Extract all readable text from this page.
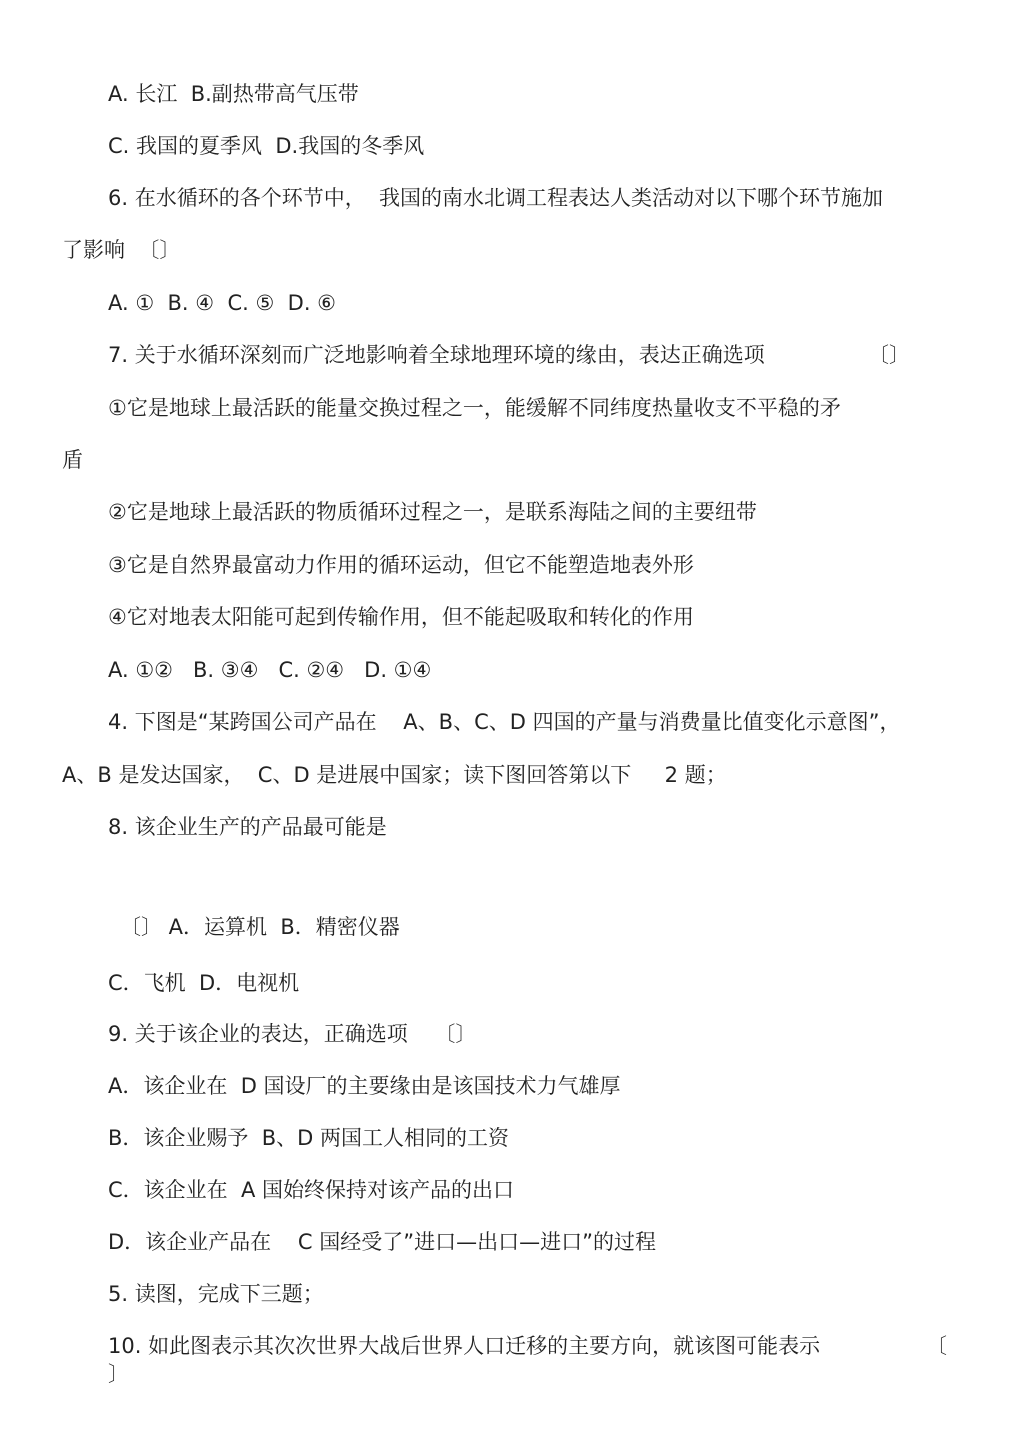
A. 长江  B.副热带高气压带
C. 我国的夏季风  D.我国的冬季风
6. 在水循环的各个环节中，  我国的南水北调工程表达人类活动对以下哪个环节施加
了影响  〔〕
A. ①  B. ④  C. ⑤  D. ⑥
7. 关于水循环深刻而广泛地影响着全球地理环境的缘由，表达正确选项	〔〕
①它是地球上最活跃的能量交换过程之一，能缓解不同纬度热量收支不平稳的矛
盾
②它是地球上最活跃的物质循环过程之一，是联系海陆之间的主要纽带
③它是自然界最富动力作用的循环运动，但它不能塑造地表外形
④它对地表太阳能可起到传输作用，但不能起吸取和转化的作用
A. ①②   B. ③④   C. ②④   D. ①④
4. 下图是“某跨国公司产品在    A、B、C、D 四国的产量与消费量比值变化示意图”，
A、B 是发达国家，  C、D 是进展中国家；读下图回答第以下     2 题；
8. 该企业生产的产品最可能是
〔〕 A．运算机  B．精密仪器
C．飞机  D．电视机
9. 关于该企业的表达，正确选项    〔〕
A．该企业在  D 国设厂的主要缘由是该国技术力气雄厚
B．该企业赐予  B、D 两国工人相同的工资
C．该企业在  A 国始终保持对该产品的出口
D．该企业产品在    C 国经受了”进口—出口—进口”的过程
5. 读图，完成下三题；
10. 如此图表示其次次世界大战后世界人口迁移的主要方向，就该图可能表示	〔
〕
